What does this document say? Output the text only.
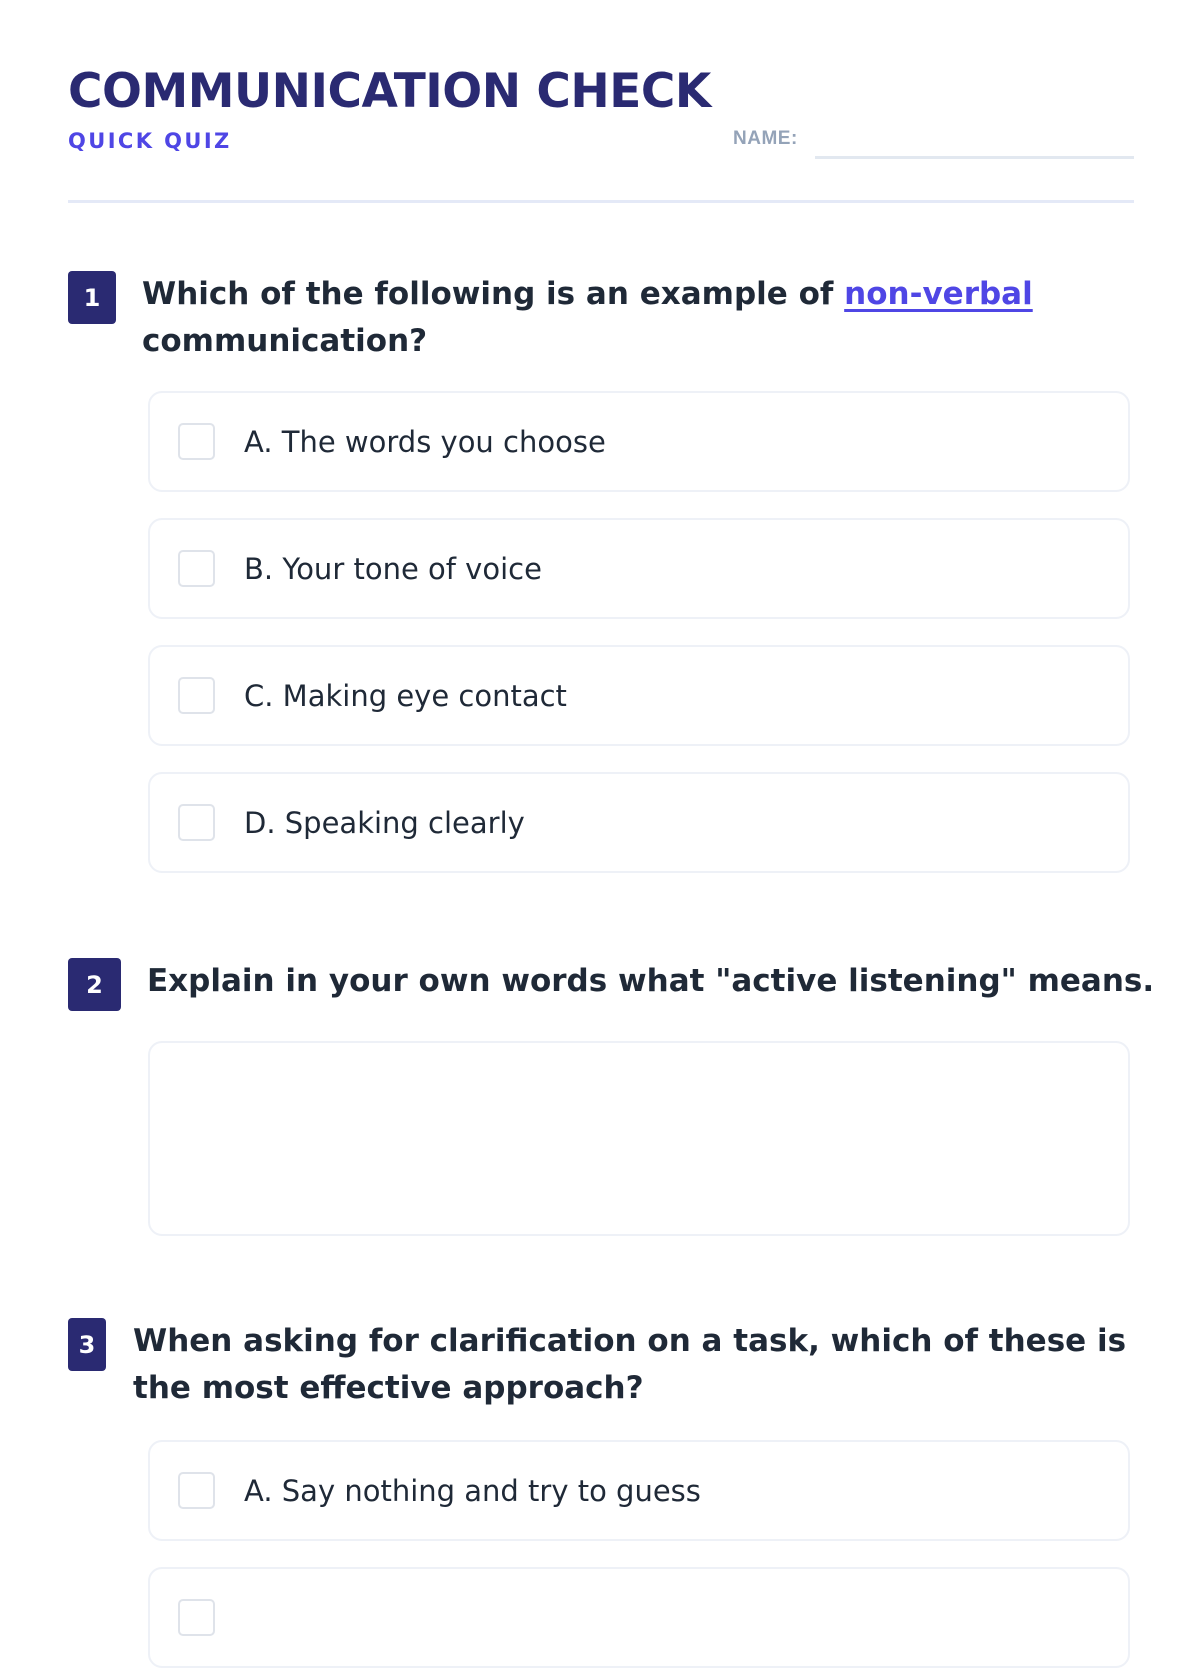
COMMUNICATION CHECK
QUICK QUIZ	NAME:
1	Which of the following is an example of non-verbal communication?

A. The words you choose
B. Your tone of voice
C. Making eye contact
D. Speaking clearly
2	Explain in your own words what "active listening" means.

3	When asking for clarification on a task, which of these is the most effective approach?

A. Say nothing and try to guess
